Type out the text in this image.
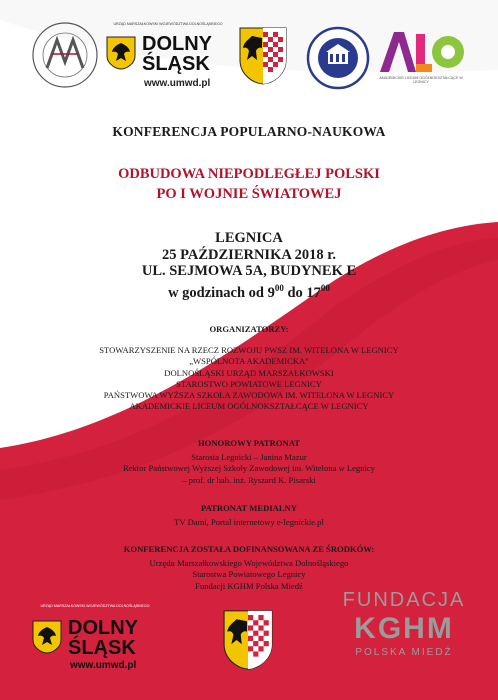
URZĄD MARSZAŁKOWSKI WOJEWÓDZTWA DOLNOŚLĄSKIEGO
DOLNY
ŚLĄSK
www.umwd.pl	AKADEMICKIE LICEUM OGÓLNOKSZTAŁCĄCE W LEGNICY
KONFERENCJA POPULARNO-NAUKOWA
ODBUDOWA NIEPODLEGŁEJ POLSKI
PO I WOJNIE ŚWIATOWEJ
LEGNICA
25 PAŹDZIERNIKA 2018 r.
UL. SEJMOWA 5A, BUDYNEK E
w godzinach od $9^{00}$ do $17^{00}$
ORGANIZATORZY:
STOWARZYSZENIE NA RZECZ ROZWOJU PWSZ IM. WITELONA W LEGNICY
„WSPÓLNOTA AKADEMICKA"
DOLNOŚLĄSKI URZĄD MARSZAŁKOWSKI
STAROSTWO POWIATOWE LEGNICY
PAŃSTWOWA WYŻSZA SZKOŁA ZAWODOWA IM. WITELONA W LEGNICY
AKADEMICKIE LICEUM OGÓLNOKSZTAŁCĄCE W LEGNICY
HONOROWY PATRONAT
Starosta Legnicki – Janina Mazur
Rektor Państwowej Wyższej Szkoły Zawodowej im. Witelona w Legnicy
– prof. dr hab. inż. Ryszard K. Pisarski
PATRONAT MEDIALNY
TV Dami, Portal internetowy e-legnickie.pl
KONFERENCJA ZOSTAŁA DOFINANSOWANA ZE ŚRODKÓW:
Urzędu Marszałkowskiego Województwa Dolnośląskiego
Starostwa Powiatowego Legnicy
Fundacji KGHM Polska Miedź
URZĄD MARSZAŁKOWSKI WOJEWÓDZTWA DOLNOŚLĄSKIEGO
DOLNY
ŚLĄSK
www.umwd.pl
FUNDACJA
KGHM
POLSKA MIEDŹ
